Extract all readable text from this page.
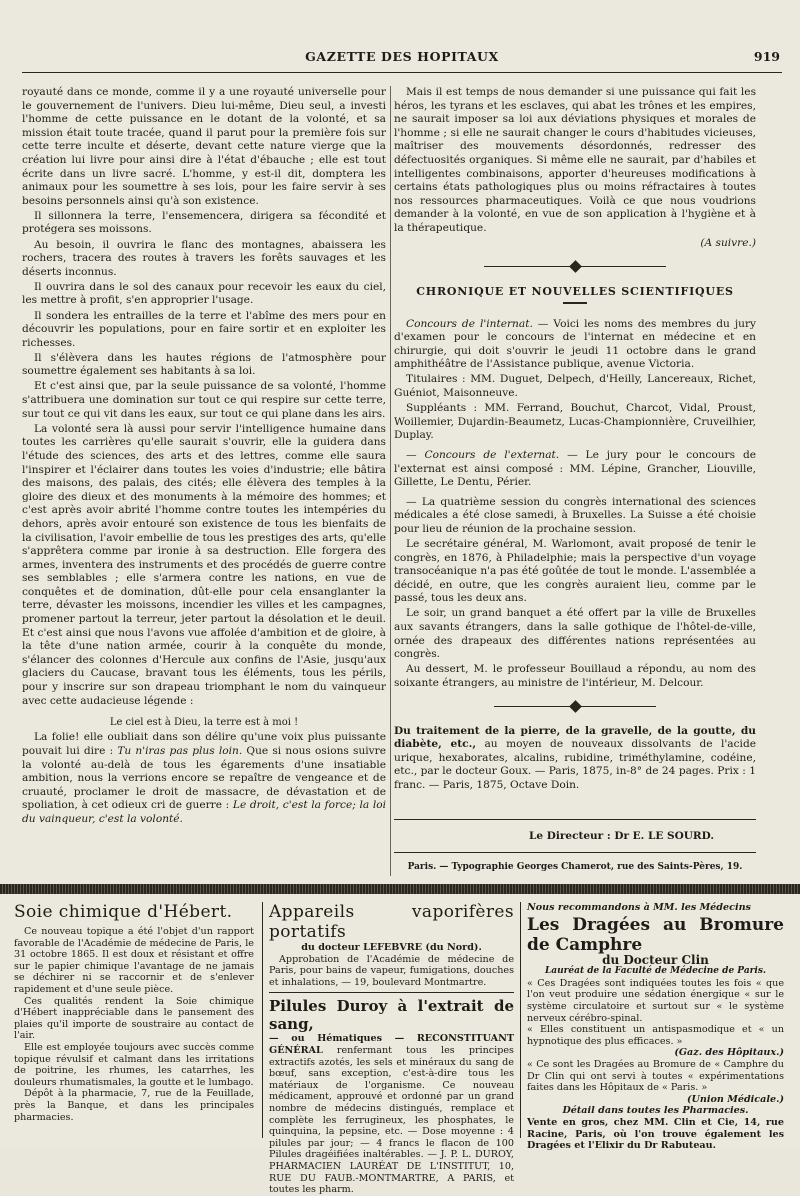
GAZETTE DES HOPITAUX	919

royauté dans ce monde, comme il y a une royauté universelle pour le gouvernement de l'univers. Dieu lui-même, Dieu seul, a investi l'homme de cette puissance en le dotant de la volonté, et sa mission était toute tracée, quand il parut pour la première fois sur cette terre inculte et déserte, devant cette nature vierge que la création lui livre pour ainsi dire à l'état d'ébauche ; elle est tout écrite dans un livre sacré. L'homme, y est-il dit, domptera les animaux pour les soumettre à ses lois, pour les faire servir à ses besoins personnels ainsi qu'à son existence.

Il sillonnera la terre, l'ensemencera, dirigera sa fécondité et protégera ses moissons.

Au besoin, il ouvrira le flanc des montagnes, abaissera les rochers, tracera des routes à travers les forêts sauvages et les déserts inconnus.

Il ouvrira dans le sol des canaux pour recevoir les eaux du ciel, les mettre à profit, s'en approprier l'usage.

Il sondera les entrailles de la terre et l'abîme des mers pour en découvrir les populations, pour en faire sortir et en exploiter les richesses.

Il s'élèvera dans les hautes régions de l'atmosphère pour soumettre également ses habitants à sa loi.

Et c'est ainsi que, par la seule puissance de sa volonté, l'homme s'attribuera une domination sur tout ce qui respire sur cette terre, sur tout ce qui vit dans les eaux, sur tout ce qui plane dans les airs.

La volonté sera là aussi pour servir l'intelligence humaine dans toutes les carrières qu'elle saurait s'ouvrir, elle la guidera dans l'étude des sciences, des arts et des lettres, comme elle saura l'inspirer et l'éclairer dans toutes les voies d'industrie; elle bâtira des maisons, des palais, des cités; elle élèvera des temples à la gloire des dieux et des monuments à la mémoire des hommes; et c'est après avoir abrité l'homme contre toutes les intempéries du dehors, après avoir entouré son existence de tous les bienfaits de la civilisation, l'avoir embellie de tous les prestiges des arts, qu'elle s'apprêtera comme par ironie à sa destruction. Elle forgera des armes, inventera des instruments et des procédés de guerre contre ses semblables ; elle s'armera contre les nations, en vue de conquêtes et de domination, dût-elle pour cela ensanglanter la terre, dévaster les moissons, incendier les villes et les campagnes, promener partout la terreur, jeter partout la désolation et le deuil. Et c'est ainsi que nous l'avons vue affolée d'ambition et de gloire, à la tête d'une nation armée, courir à la conquête du monde, s'élancer des colonnes d'Hercule aux confins de l'Asie, jusqu'aux glaciers du Caucase, bravant tous les éléments, tous les périls, pour y inscrire sur son drapeau triomphant le nom du vainqueur avec cette audacieuse légende :

Le ciel est à Dieu, la terre est à moi !

La folie! elle oubliait dans son délire qu'une voix plus puissante pouvait lui dire : Tu n'iras pas plus loin. Que si nous osions suivre la volonté au-delà de tous les égarements d'une insatiable ambition, nous la verrions encore se repaître de vengeance et de cruauté, proclamer le droit de massacre, de dévastation et de spoliation, à cet odieux cri de guerre : Le droit, c'est la force; la loi du vainqueur, c'est la volonté.

Mais il est temps de nous demander si une puissance qui fait les héros, les tyrans et les esclaves, qui abat les trônes et les empires, ne saurait imposer sa loi aux déviations physiques et morales de l'homme ; si elle ne saurait changer le cours d'habitudes vicieuses, maîtriser des mouvements désordonnés, redresser des défectuosités organiques. Si même elle ne saurait, par d'habiles et intelligentes combinaisons, apporter d'heureuses modifications à certains états pathologiques plus ou moins réfractaires à toutes nos ressources pharmaceutiques. Voilà ce que nous voudrions demander à la volonté, en vue de son application à l'hygiène et à la thérapeutique.

(A suivre.)

CHRONIQUE ET NOUVELLES SCIENTIFIQUES

Concours de l'internat. — Voici les noms des membres du jury d'examen pour le concours de l'internat en médecine et en chirurgie, qui doit s'ouvrir le jeudi 11 octobre dans le grand amphithéâtre de l'Assistance publique, avenue Victoria.

Titulaires : MM. Duguet, Delpech, d'Heilly, Lancereaux, Richet, Guéniot, Maisonneuve.

Suppléants : MM. Ferrand, Bouchut, Charcot, Vidal, Proust, Woillemier, Dujardin-Beaumetz, Lucas-Championnière, Cruveilhier, Duplay.

— Concours de l'externat. — Le jury pour le concours de l'externat est ainsi composé : MM. Lépine, Grancher, Liouville, Gillette, Le Dentu, Périer.

— La quatrième session du congrès international des sciences médicales a été close samedi, à Bruxelles. La Suisse a été choisie pour lieu de réunion de la prochaine session.

Le secrétaire général, M. Warlomont, avait proposé de tenir le congrès, en 1876, à Philadelphie; mais la perspective d'un voyage transocéanique n'a pas été goûtée de tout le monde. L'assemblée a décidé, en outre, que les congrès auraient lieu, comme par le passé, tous les deux ans.

Le soir, un grand banquet a été offert par la ville de Bruxelles aux savants étrangers, dans la salle gothique de l'hôtel-de-ville, ornée des drapeaux des différentes nations représentées au congrès.

Au dessert, M. le professeur Bouillaud a répondu, au nom des soixante étrangers, au ministre de l'intérieur, M. Delcour.

Du traitement de la pierre, de la gravelle, de la goutte, du diabète, etc., au moyen de nouveaux dissolvants de l'acide urique, hexaborates, alcalins, rubidine, triméthylamine, codéine, etc., par le docteur Goux. — Paris, 1875, in-8° de 24 pages. Prix : 1 franc. — Paris, 1875, Octave Doin.

Le Directeur : Dr E. LE SOURD.

Paris. — Typographie Georges Chamerot, rue des Saints-Pères, 19.

Soie chimique d'Hébert.

Ce nouveau topique a été l'objet d'un rapport favorable de l'Académie de médecine de Paris, le 31 octobre 1865. Il est doux et résistant et offre sur le papier chimique l'avantage de ne jamais se déchirer ni se raccornir et de s'enlever rapidement et d'une seule pièce.

Ces qualités rendent la Soie chimique d'Hébert inappréciable dans le pansement des plaies qu'il importe de soustraire au contact de l'air.

Elle est employée toujours avec succès comme topique révulsif et calmant dans les irritations de poitrine, les rhumes, les catarrhes, les douleurs rhumatismales, la goutte et le lumbago.

Dépôt à la pharmacie, 7, rue de la Feuillade, près la Banque, et dans les principales pharmacies.

Appareils vaporifères portatifs

du docteur LEFEBVRE (du Nord).

Approbation de l'Académie de médecine de Paris, pour bains de vapeur, fumigations, douches et inhalations, — 19, boulevard Montmartre.

Pilules Duroy à l'extrait de sang,

— ou Hématiques — RECONSTITUANT GÉNÉRAL renfermant tous les principes extractifs azotés, les sels et minéraux du sang de bœuf, sans exception, c'est-à-dire tous les matériaux de l'organisme. Ce nouveau médicament, approuvé et ordonné par un grand nombre de médecins distingués, remplace et complète les ferrugineux, les phosphates, le quinquina, la pepsine, etc. — Dose moyenne : 4 pilules par jour; — 4 francs le flacon de 100 Pilules dragéifiées inaltérables. — J. P. L. DUROY, PHARMACIEN LAURÉAT DE L'INSTITUT, 10, RUE DU FAUB.-MONTMARTRE, A PARIS, et toutes les pharm.

Nous recommandons à MM. les Médecins
Les Dragées au Bromure de Camphre
du Docteur Clin

Lauréat de la Faculté de Médecine de Paris.

« Ces Dragées sont indiquées toutes les fois « que l'on veut produire une sédation énergique « sur le système circulatoire et surtout sur « le système nerveux cérébro-spinal.

« Elles constituent un antispasmodique et « un hypnotique des plus efficaces. »

(Gaz. des Hôpitaux.)

« Ce sont les Dragées au Bromure de « Camphre du Dr Clin qui ont servi à toutes « expérimentations faites dans les Hôpitaux de « Paris. »

(Union Médicale.)

Détail dans toutes les Pharmacies.

Vente en gros, chez MM. Clin et Cie, 14, rue Racine, Paris, où l'on trouve également les Dragées et l'Elixir du Dr Rabuteau.
